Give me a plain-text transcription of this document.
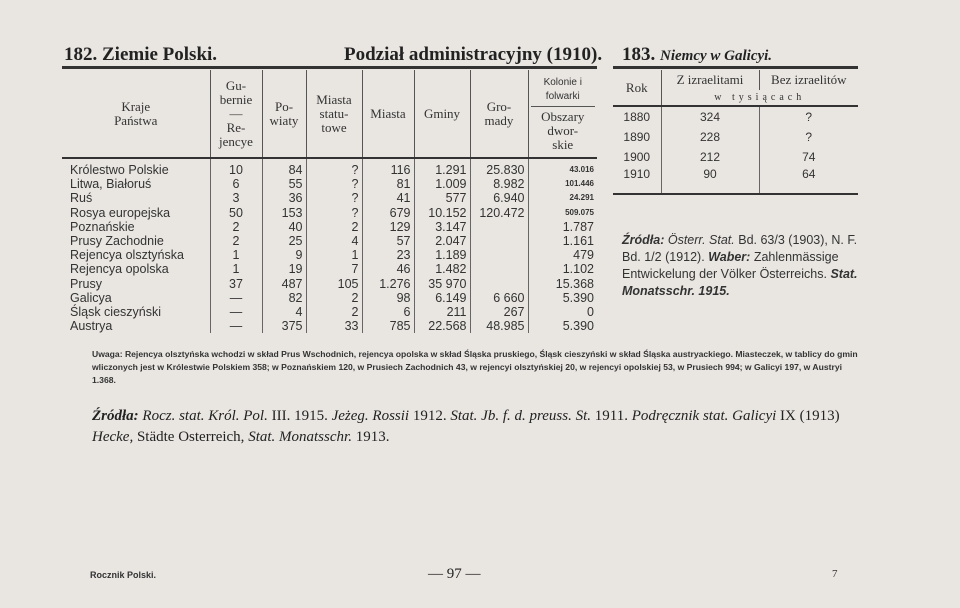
182. Ziemie Polski.	Podział administracyjny (1910). 183. Niemcy w Galicyi.
Kraje
Państwa	Gu-
bernie
—
Re-
jencye	Po-
wiaty	Miasta
statu-
towe	Miasta	Gminy	Gro-
mady	Kolonie i folwarki
Obszary
dwor-
skie
Królestwo Polskie	10	84	?	116	1.291	25.830	43.016
Litwa, Białoruś	6	55	?	81	1.009	8.982	101.446
Ruś	3	36	?	41	577	6.940	24.291
Rosya europejska	50	153	?	679	10.152	120.472	509.075
Poznańskie	2	40	2	129	3.147		1.787
Prusy Zachodnie	2	25	4	57	2.047		1.161
Rejencya olsztyńska	1	9	1	23	1.189		479
Rejencya opolska	1	19	7	46	1.482		1.102
Prusy	37	487	105	1.276	35 970		15.368
Galicya	—	82	2	98	6.149	6 660	5.390
Śląsk cieszyński	—	4	2	6	211	267	0
Austrya	—	375	33	785	22.568	48.985	5.390
Rok	Z izraelitami	Bez izraelitów
	w tysiącach	
1880	324	?
1890	228	?
1900	212	74
1910	90	64
Źródła: Österr. Stat. Bd. 63/3 (1903), N. F. Bd. 1/2 (1912). Waber: Zahlenmässige Entwickelung der Völker Österreichs. Stat. Monatsschr. 1915.
Uwaga: Rejencya olsztyńska wchodzi w skład Prus Wschodnich, rejencya opolska w skład Śląska pruskiego, Śląsk cieszyński w skład Śląska austryackiego. Miasteczek, w tablicy do gmin wliczonych jest w Królestwie Polskiem 358; w Poznańskiem 120, w Prusiech Zachodnich 43, w rejencyi olsztyńskiej 20, w rejencyi opolskiej 53, w Prusiech 994; w Galicyi 197, w Austryi 1.368.
Źródła: Rocz. stat. Król. Pol. III. 1915. Jeżeg. Rossii 1912. Stat. Jb. f. d. preuss. St. 1911. Podręcznik stat. Galicyi IX (1913) Hecke, Städte Osterreich, Stat. Monatsschr. 1913.
Rocznik Polski.	— 97 —	7
